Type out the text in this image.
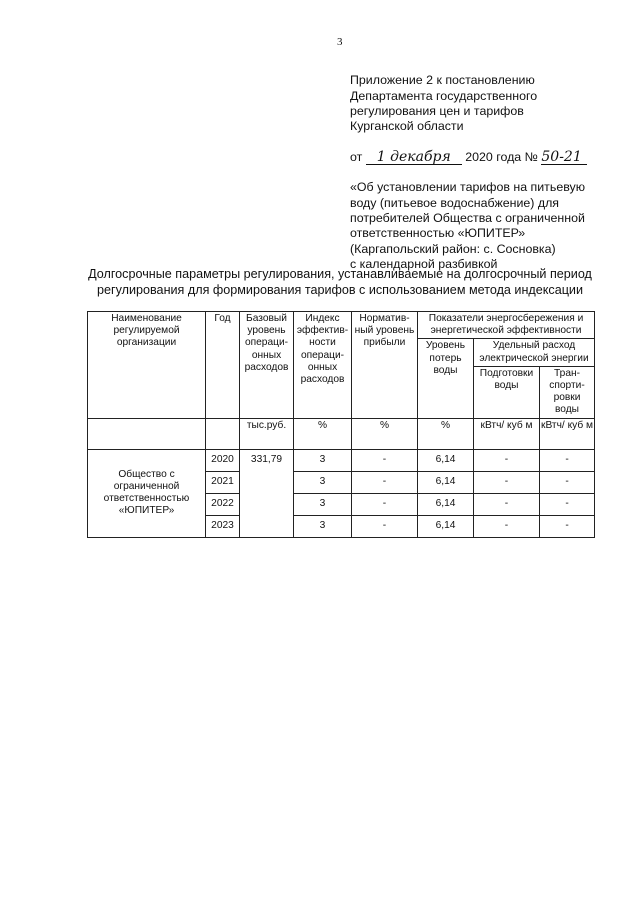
3

Приложение 2 к постановлению
Департамента государственного
регулирования цен и тарифов
Курганской области

от 1 декабря 2020 года № 50-21

«Об установлении тарифов на питьевую
воду (питьевое водоснабжение) для
потребителей Общества с ограниченной
ответственностью «ЮПИТЕР»
(Каргапольский район: с. Сосновка)
с календарной разбивкой

Долгосрочные параметры регулирования, устанавливаемые на долгосрочный период регулирования для формирования тарифов с использованием метода индексации
Наименование регулируемой организации	Год	Базовый уровень операци-онных расходов	Индекс эффектив-ности операци-онных расходов	Норматив-ный уровень прибыли	Показатели энергосбережения и энергетической эффективности		
					Уровень потерь воды	Удельный расход электрической энергии	
						Подготовки воды	Тран-спорти-ровки воды
		тыс.руб.	%	%	%	кВтч/ куб м	кВтч/ куб м
Общество с ограниченной ответственностью «ЮПИТЕР»	2020	331,79	3	-	6,14	-	-
	2021		3	-	6,14	-	-
	2022		3	-	6,14	-	-
	2023		3	-	6,14	-	-
